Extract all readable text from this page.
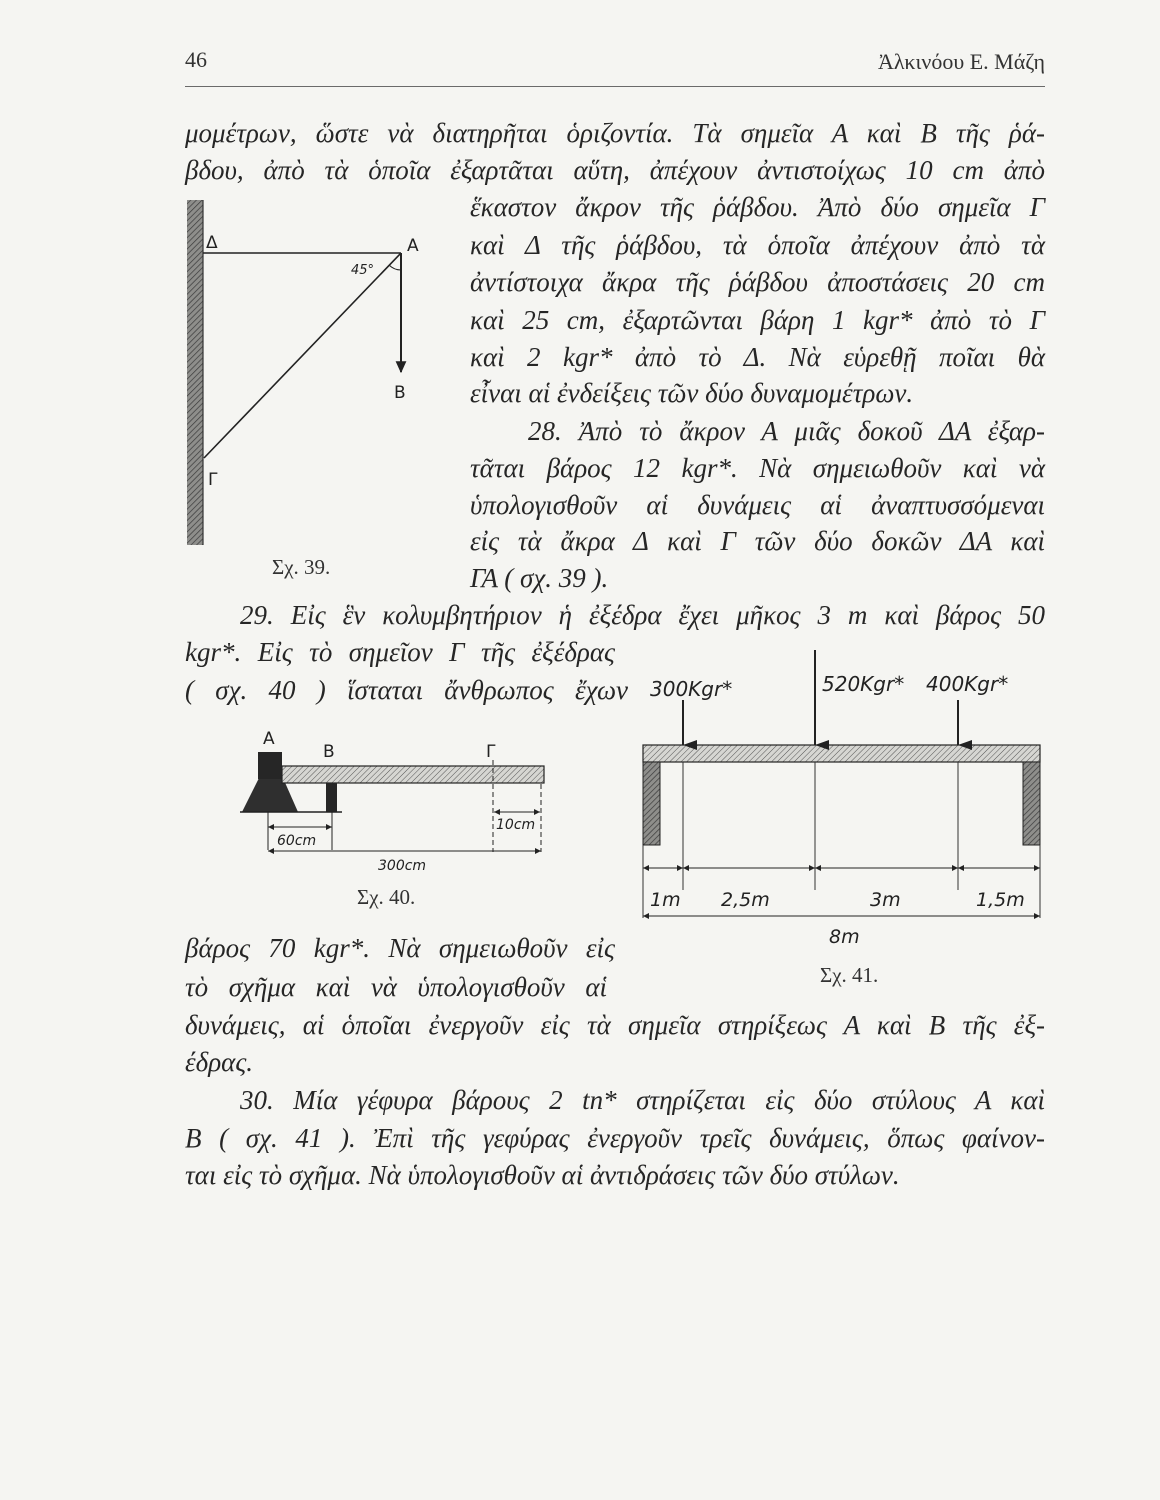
46	Ἀλκινόου Ε. Μάζη
μομέτρων, ὥστε νὰ διατηρῆται ὁριζοντία. Τὰ σημεῖα Α καὶ Β τῆς ῥά-
βδου, ἀπὸ τὰ ὁποῖα ἐξαρτᾶται αὕτη, ἀπέχουν ἀντιστοίχως 10 cm ἀπὸ
ἕκαστον ἄκρον τῆς ῥάβδου. Ἀπὸ δύο σημεῖα Γ
καὶ Δ τῆς ῥάβδου, τὰ ὁποῖα ἀπέχουν ἀπὸ τὰ
ἀντίστοιχα ἄκρα τῆς ῥάβδου ἀποστάσεις 20 cm
καὶ 25 cm, ἐξαρτῶνται βάρη 1 kgr* ἀπὸ τὸ Γ
καὶ 2 kgr* ἀπὸ τὸ Δ. Νὰ εὑρεθῇ ποῖαι θὰ
εἶναι αἱ ἐνδείξεις τῶν δύο δυναμομέτρων.
28. Ἀπὸ τὸ ἄκρον Α μιᾶς δοκοῦ ΔΑ ἐξαρ-
τᾶται βάρος 12 kgr*. Νὰ σημειωθοῦν καὶ νὰ
ὑπολογισθοῦν αἱ δυνάμεις αἱ ἀναπτυσσόμεναι
εἰς τὰ ἄκρα Δ καὶ Γ τῶν δύο δοκῶν ΔΑ καὶ
ΓΑ ( σχ. 39 ).
Σχ. 39.
29. Εἰς ἓν κολυμβητήριον ἡ ἐξέδρα ἔχει μῆκος 3 m καὶ βάρος 50
kgr*. Εἰς τὸ σημεῖον Γ τῆς ἐξέδρας
( σχ. 40 ) ἵσταται ἄνθρωπος ἔχων
βάρος 70 kgr*. Νὰ σημειωθοῦν εἰς
τὸ σχῆμα καὶ νὰ ὑπολογισθοῦν αἱ
δυνάμεις, αἱ ὁποῖαι ἐνεργοῦν εἰς τὰ σημεῖα στηρίξεως Α καὶ Β τῆς ἐξ-
έδρας.
Σχ. 40.
Σχ. 41.
30. Μία γέφυρα βάρους 2 tn* στηρίζεται εἰς δύο στύλους Α καὶ
Β ( σχ. 41 ). Ἐπὶ τῆς γεφύρας ἐνεργοῦν τρεῖς δυνάμεις, ὅπως φαίνον-
ται εἰς τὸ σχῆμα. Νὰ ὑπολογισθοῦν αἱ ἀντιδράσεις τῶν δύο στύλων.
Δ	Α
45°
Β
Γ
Α
Β	Γ
10cm
60cm
300cm
300Kgr*	520Kgr* 400Kgr*
1m 2,5m	3m	1,5m
8m
